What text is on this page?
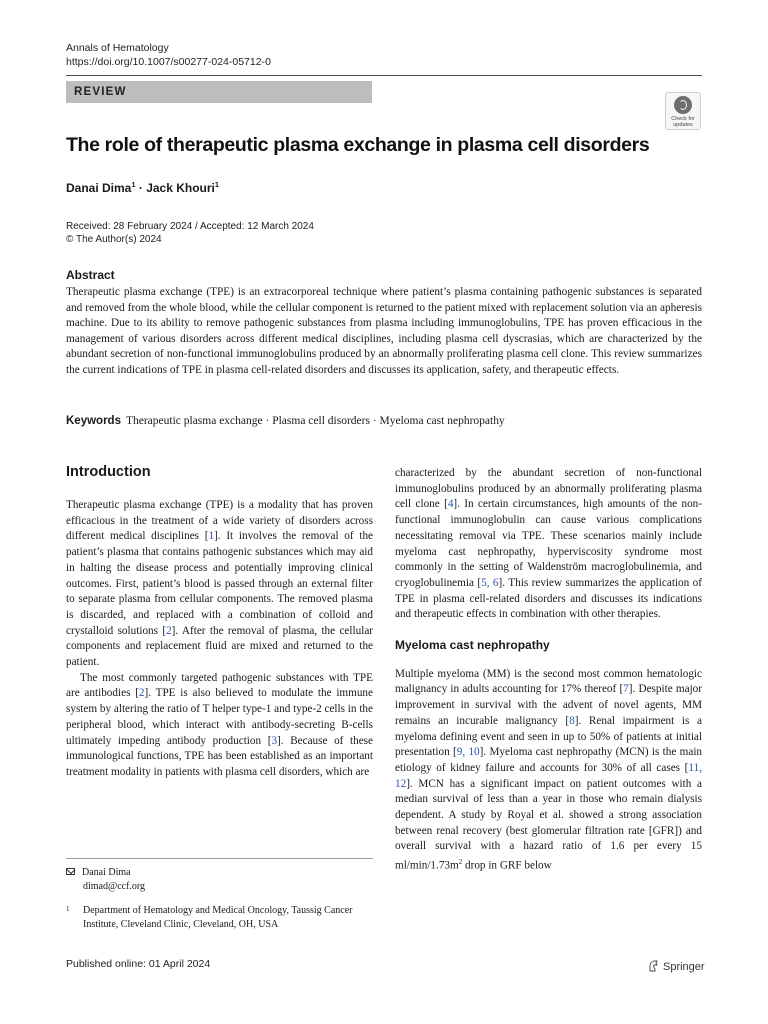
Annals of Hematology
https://doi.org/10.1007/s00277-024-05712-0
REVIEW
Check for
updates
The role of therapeutic plasma exchange in plasma cell disorders
Danai Dima$^1$ · Jack Khouri$^1$
Received: 28 February 2024 / Accepted: 12 March 2024
© The Author(s) 2024
Abstract
Therapeutic plasma exchange (TPE) is an extracorporeal technique where patient’s plasma containing pathogenic substances is separated and removed from the whole blood, while the cellular component is returned to the patient mixed with replacement solution via an apheresis machine. Due to its ability to remove pathogenic substances from plasma including immunoglobulins, TPE has proven efficacious in the management of various disorders across different medical disciplines, including plasma cell dyscrasias, which are characterized by the abundant secretion of non-functional immunoglobulins produced by an abnormally proliferating plasma cell clone. This review summarizes the current indications of TPE in plasma cell-related disorders and discusses its application, safety, and therapeutic effects.
Keywords Therapeutic plasma exchange · Plasma cell disorders · Myeloma cast nephropathy
Introduction

Therapeutic plasma exchange (TPE) is a modality that has proven efficacious in the treatment of a wide variety of disorders across different medical disciplines [1]. It involves the removal of the patient’s plasma that contains pathogenic substances which may aid in halting the disease process and potentially improving clinical outcomes. First, patient’s blood is passed through an external filter to separate plasma from cellular components. The removed plasma is discarded, and replaced with a combination of colloid and crystalloid solutions [2]. After the removal of plasma, the cellular components and replacement fluid are mixed and returned to the patient.

The most commonly targeted pathogenic substances with TPE are antibodies [2]. TPE is also believed to modulate the immune system by altering the ratio of T helper type-1 and type-2 cells in the peripheral blood, which interact with antibody-secreting B-cells ultimately impeding antibody production [3]. Because of these immunological functions, TPE has been established as an important treatment modality in patients with plasma cell disorders, which are

characterized by the abundant secretion of non-functional immunoglobulins produced by an abnormally proliferating plasma cell clone [4]. In certain circumstances, high amounts of the non-functional immunoglobulin can cause various complications necessitating removal via TPE. These scenarios mainly include myeloma cast nephropathy, hyperviscosity syndrome most commonly in the setting of Waldenström macroglobulinemia, and cryoglobulinemia [5, 6]. This review summarizes the application of TPE in plasma cell-related disorders and discusses its indications and therapeutic effects in combination with other therapies.

Myeloma cast nephropathy

Multiple myeloma (MM) is the second most common hematologic malignancy in adults accounting for 17% thereof [7]. Despite major improvement in survival with the advent of novel agents, MM remains an incurable malignancy [8]. Renal impairment is a myeloma defining event and seen in up to 50% of patients at initial presentation [9, 10]. Myeloma cast nephropathy (MCN) is the main etiology of kidney failure and accounts for 30% of all cases [11, 12]. MCN has a significant impact on patient outcomes with a median survival of less than a year in those who remain dialysis dependent. A study by Royal et al. showed a strong association between renal recovery (best glomerular filtration rate [GFR]) and overall survival with a hazard ratio of 1.6 per every 15 $ml/\min/1.73m^2$ drop in GRF below

Danai Dima
dimad@ccf.org
1	Department of Hematology and Medical Oncology, Taussig Cancer Institute, Cleveland Clinic, Cleveland, OH, USA
Published online: 01 April 2024	Springer
